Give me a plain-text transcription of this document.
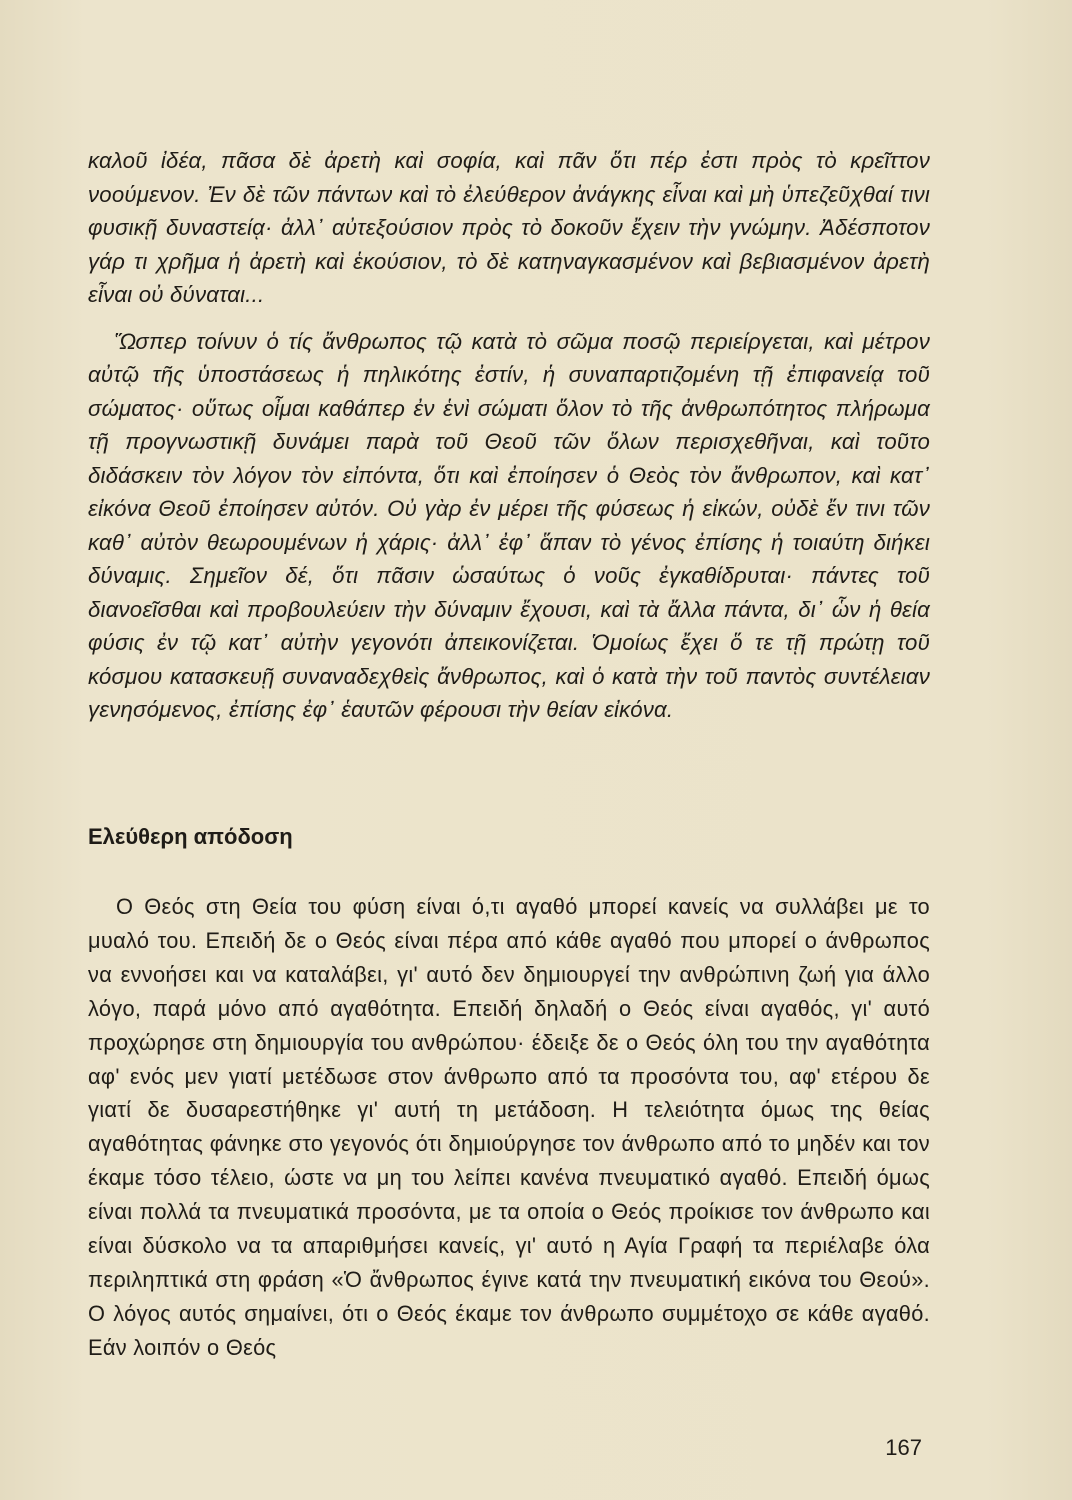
καλοῦ ἰδέα, πᾶσα δὲ ἀρετὴ καὶ σοφία, καὶ πᾶν ὅτι πέρ ἐστι πρὸς τὸ κρεῖττον νοούμενον. Ἐν δὲ τῶν πάντων καὶ τὸ ἐλεύθερον ἀνάγκης εἶναι καὶ μὴ ὑπεζεῦχθαί τινι φυσικῇ δυναστείᾳ· ἀλλ᾽ αὐτεξούσιον πρὸς τὸ δοκοῦν ἔχειν τὴν γνώμην. Ἀδέσποτον γάρ τι χρῆμα ἡ ἀρετὴ καὶ ἑκούσιον, τὸ δὲ κατηναγκασμένον καὶ βεβιασμένον ἀρετὴ εἶναι οὐ δύναται...

Ὥσπερ τοίνυν ὁ τίς ἄνθρωπος τῷ κατὰ τὸ σῶμα ποσῷ περιείργεται, καὶ μέτρον αὐτῷ τῆς ὑποστάσεως ἡ πηλικότης ἐστίν, ἡ συναπαρτιζομένη τῇ ἐπιφανείᾳ τοῦ σώματος· οὕτως οἶμαι καθάπερ ἐν ἑνὶ σώματι ὅλον τὸ τῆς ἀνθρωπότητος πλήρωμα τῇ προγνωστικῇ δυνάμει παρὰ τοῦ Θεοῦ τῶν ὅλων περισχεθῆναι, καὶ τοῦτο διδάσκειν τὸν λόγον τὸν εἰπόντα, ὅτι καὶ ἐποίησεν ὁ Θεὸς τὸν ἄνθρωπον, καὶ κατ᾽ εἰκόνα Θεοῦ ἐποίησεν αὐτόν. Οὐ γὰρ ἐν μέρει τῆς φύσεως ἡ εἰκών, οὐδὲ ἔν τινι τῶν καθ᾽ αὐτὸν θεωρουμένων ἡ χάρις· ἀλλ᾽ ἐφ᾽ ἅπαν τὸ γένος ἐπίσης ἡ τοιαύτη διήκει δύναμις. Σημεῖον δέ, ὅτι πᾶσιν ὡσαύτως ὁ νοῦς ἐγκαθίδρυται· πάντες τοῦ διανοεῖσθαι καὶ προβουλεύειν τὴν δύναμιν ἔχουσι, καὶ τὰ ἄλλα πάντα, δι᾽ ὧν ἡ θεία φύσις ἐν τῷ κατ᾽ αὐτὴν γεγονότι ἀπεικονίζεται. Ὁμοίως ἔχει ὅ τε τῇ πρώτῃ τοῦ κόσμου κατασκευῇ συναναδεχθεὶς ἄνθρωπος, καὶ ὁ κατὰ τὴν τοῦ παντὸς συντέλειαν γενησόμενος, ἐπίσης ἐφ᾽ ἑαυτῶν φέρουσι τὴν θείαν εἰκόνα.

Ελεύθερη απόδοση

Ο Θεός στη Θεία του φύση είναι ό,τι αγαθό μπορεί κανείς να συλλάβει με το μυαλό του. Επειδή δε ο Θεός είναι πέρα από κάθε αγαθό που μπορεί ο άνθρωπος να εννοήσει και να καταλάβει, γι' αυτό δεν δημιουργεί την ανθρώπινη ζωή για άλλο λόγο, παρά μόνο από αγαθότητα. Επειδή δηλαδή ο Θεός είναι αγαθός, γι' αυτό προχώρησε στη δημιουργία του ανθρώπου· έδειξε δε ο Θεός όλη του την αγαθότητα αφ' ενός μεν γιατί μετέδωσε στον άνθρωπο από τα προσόντα του, αφ' ετέρου δε γιατί δε δυσαρεστήθηκε γι' αυτή τη μετάδοση. Η τελειότητα όμως της θείας αγαθότητας φάνηκε στο γεγονός ότι δημιούργησε τον άνθρωπο από το μηδέν και τον έκαμε τόσο τέλειο, ώστε να μη του λείπει κανένα πνευματικό αγαθό. Επειδή όμως είναι πολλά τα πνευματικά προσόντα, με τα οποία ο Θεός προίκισε τον άνθρωπο και είναι δύσκολο να τα απαριθμήσει κανείς, γι' αυτό η Αγία Γραφή τα περιέλαβε όλα περιληπτικά στη φράση «Ὁ ἄνθρωπος έγινε κατά την πνευματική εικόνα του Θεού». Ο λόγος αυτός σημαίνει, ότι ο Θεός έκαμε τον άνθρωπο συμμέτοχο σε κάθε αγαθό. Εάν λοιπόν ο Θεός

167
